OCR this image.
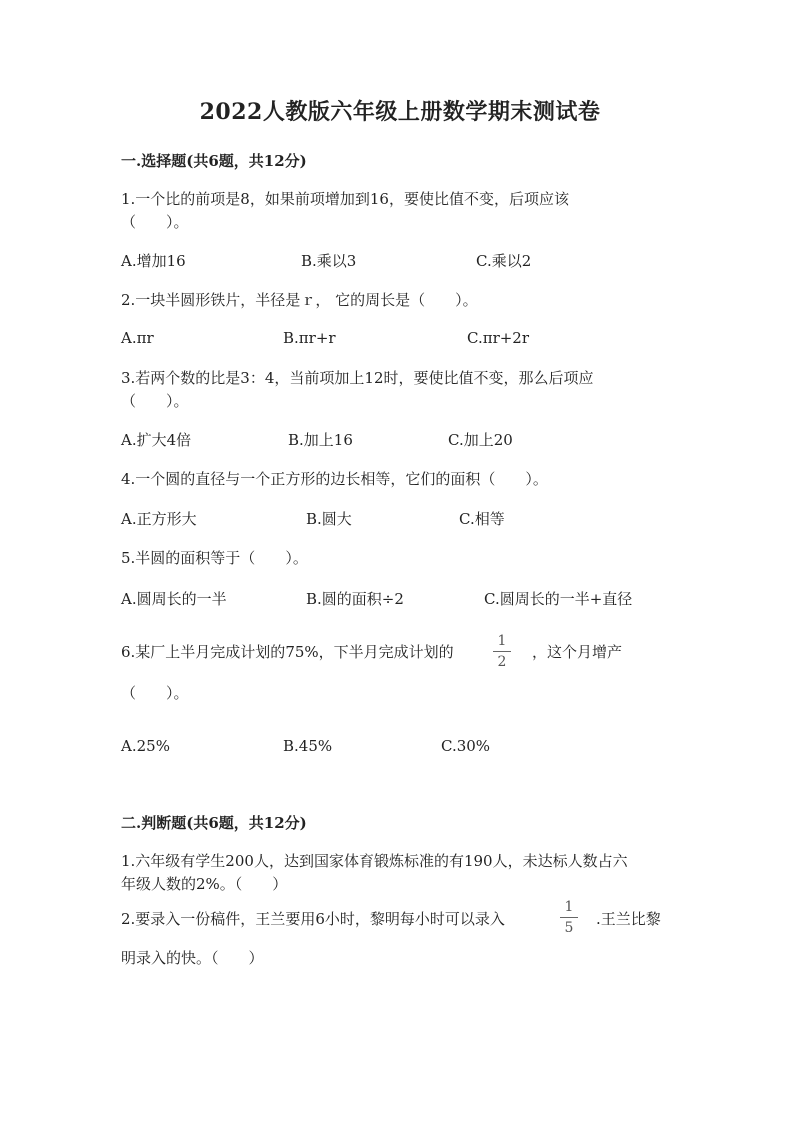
2022人教版六年级上册数学期末测试卷
一.选择题(共6题，共12分)
1.一个比的前项是8，如果前项增加到16，要使比值不变，后项应该
（　　）。
A.增加16	B.乘以3	C.乘以2
2.一块半圆形铁片，半径是ｒ， 它的周长是（　　）。
A.πr	B.πr+r	C.πr+2r
3.若两个数的比是3：4，当前项加上12时，要使比值不变，那么后项应
（　　）。
A.扩大4倍	B.加上16	C.加上20
4.一个圆的直径与一个正方形的边长相等，它们的面积（　　）。
A.正方形大	B.圆大	C.相等
5.半圆的面积等于（　　）。
A.圆周长的一半	B.圆的面积÷2	C.圆周长的一半+直径
6.某厂上半月完成计划的75%，下半月完成计划的
1
2
，这个月增产
（　　）。
A.25%	B.45%	C.30%
二.判断题(共6题，共12分)
1.六年级有学生200人，达到国家体育锻炼标准的有190人，未达标人数占六
年级人数的2%。（　　）
2.要录入一份稿件，王兰要用6小时，黎明每小时可以录入
1
5	.王兰比黎
明录入的快。（　　）
